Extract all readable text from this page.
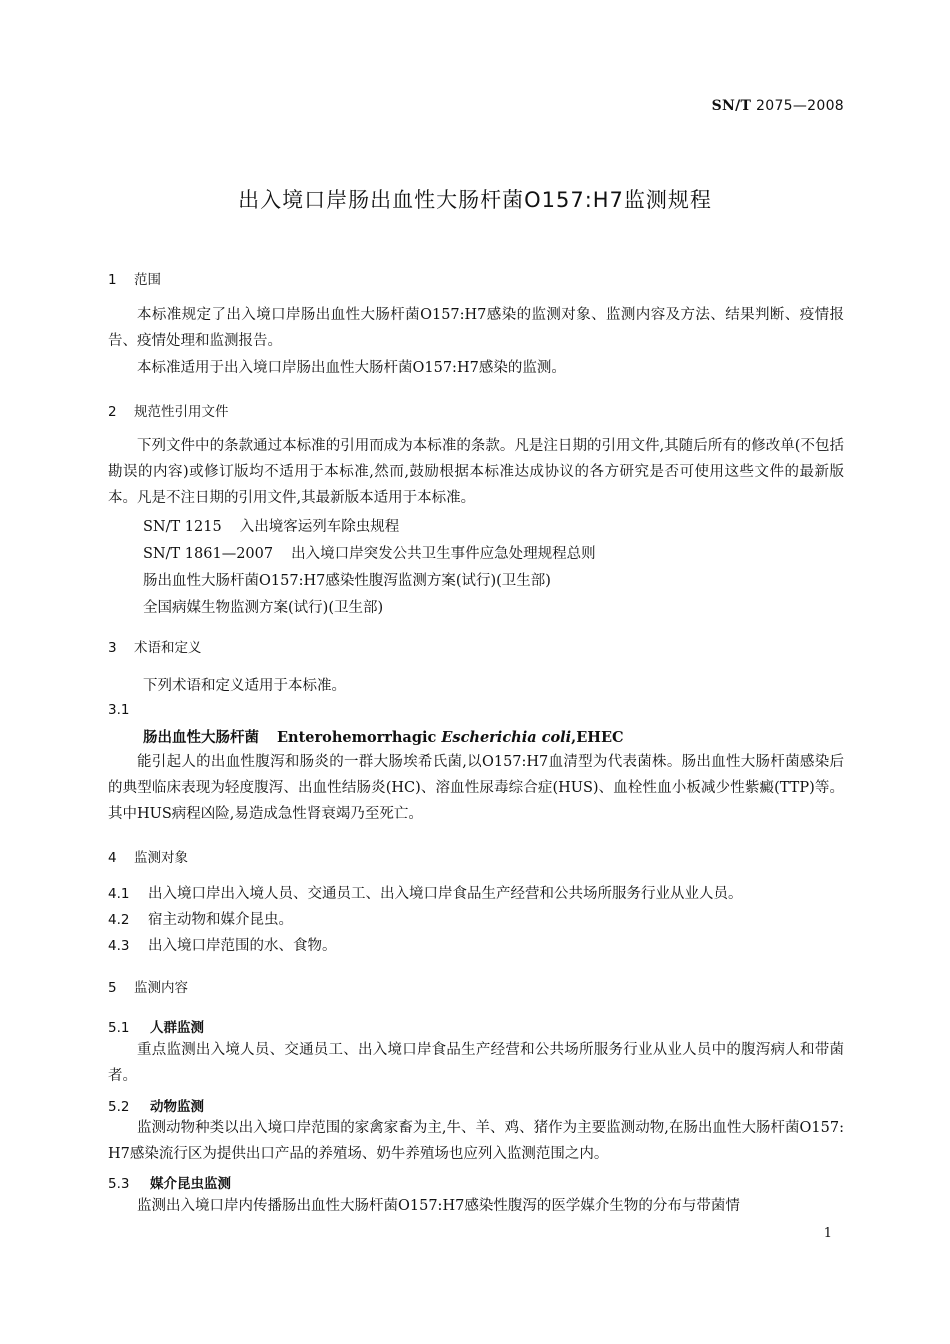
SN/T 2075—2008
出入境口岸肠出血性大肠杆菌O157:H7监测规程
1 范围
本标准规定了出入境口岸肠出血性大肠杆菌O157:H7感染的监测对象、监测内容及方法、结果判断、疫情报告、疫情处理和监测报告。
本标准适用于出入境口岸肠出血性大肠杆菌O157:H7感染的监测。
2 规范性引用文件
下列文件中的条款通过本标准的引用而成为本标准的条款。凡是注日期的引用文件,其随后所有的修改单(不包括勘误的内容)或修订版均不适用于本标准,然而,鼓励根据本标准达成协议的各方研究是否可使用这些文件的最新版本。凡是不注日期的引用文件,其最新版本适用于本标准。
SN/T 1215 入出境客运列车除虫规程
SN/T 1861—2007 出入境口岸突发公共卫生事件应急处理规程总则
肠出血性大肠杆菌O157:H7感染性腹泻监测方案(试行)(卫生部)
全国病媒生物监测方案(试行)(卫生部)
3 术语和定义
下列术语和定义适用于本标准。
3.1
肠出血性大肠杆菌 Enterohemorrhagic Escherichia coli,EHEC
能引起人的出血性腹泻和肠炎的一群大肠埃希氏菌,以O157:H7血清型为代表菌株。肠出血性大肠杆菌感染后的典型临床表现为轻度腹泻、出血性结肠炎(HC)、溶血性尿毒综合症(HUS)、血栓性血小板减少性紫癜(TTP)等。其中HUS病程凶险,易造成急性肾衰竭乃至死亡。
4 监测对象
4.1 出入境口岸出入境人员、交通员工、出入境口岸食品生产经营和公共场所服务行业从业人员。
4.2 宿主动物和媒介昆虫。
4.3 出入境口岸范围的水、食物。
5 监测内容
5.1 人群监测
重点监测出入境人员、交通员工、出入境口岸食品生产经营和公共场所服务行业从业人员中的腹泻病人和带菌者。
5.2 动物监测
监测动物种类以出入境口岸范围的家禽家畜为主,牛、羊、鸡、猪作为主要监测动物,在肠出血性大肠杆菌O157:H7感染流行区为提供出口产品的养殖场、奶牛养殖场也应列入监测范围之内。
5.3 媒介昆虫监测
监测出入境口岸内传播肠出血性大肠杆菌O157:H7感染性腹泻的医学媒介生物的分布与带菌情
1
